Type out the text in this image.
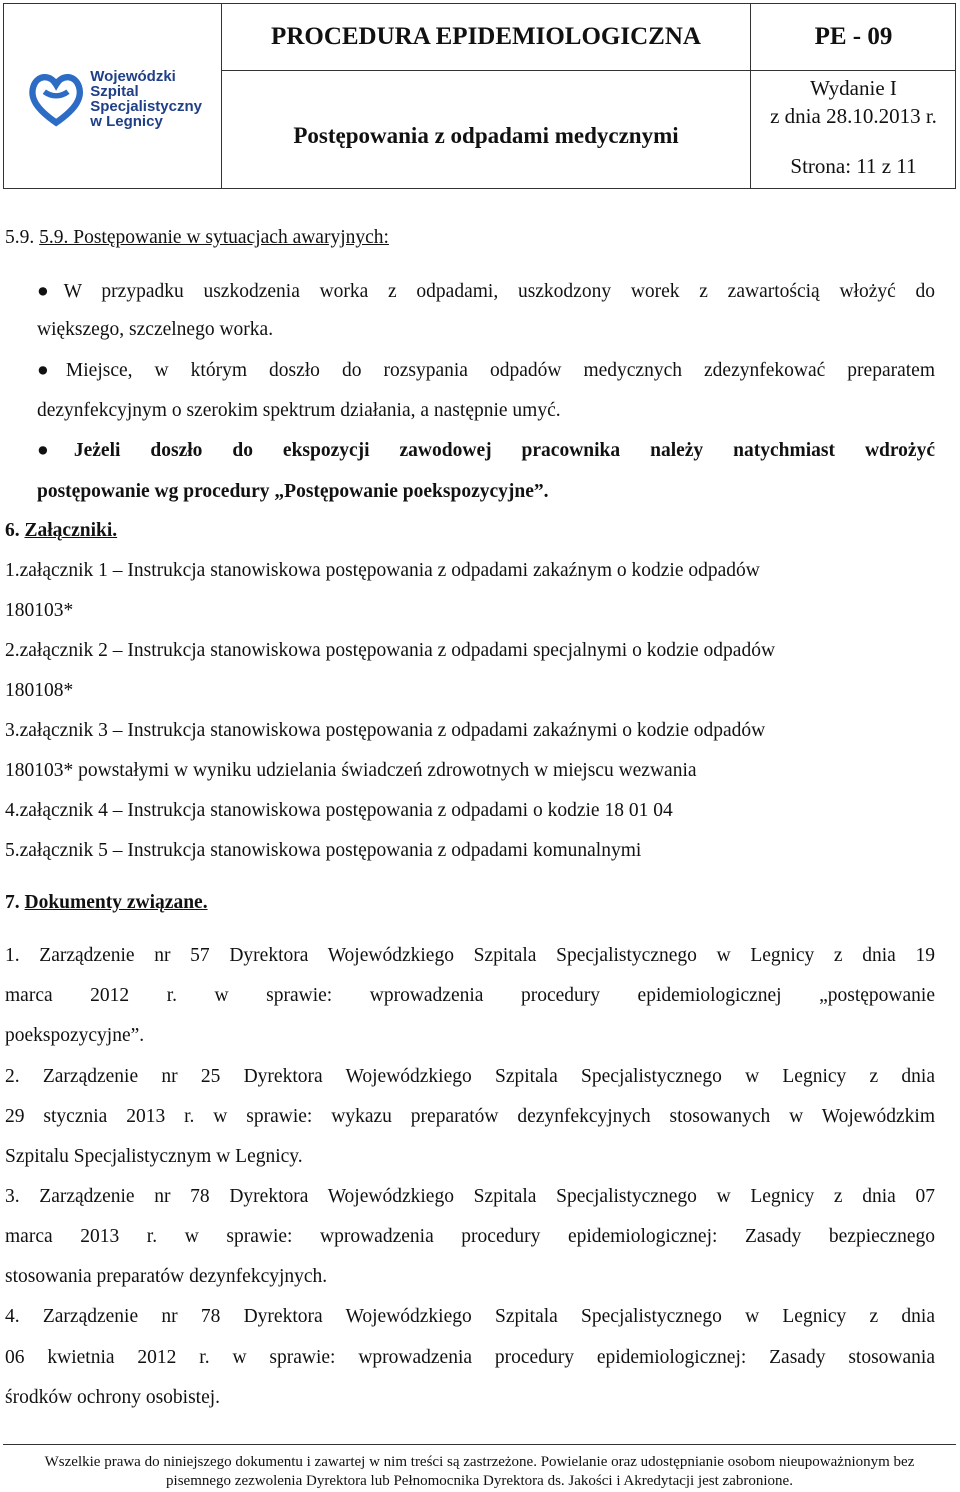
Wojewódzki
Szpital
Specjalistyczny
w Legnicy
PROCEDURA EPIDEMIOLOGICZNA	PE - 09
Postępowania z odpadami medycznymi
Wydanie I
z dnia 28.10.2013 r.
Strona: 11 z 11
5.9. 5.9. Postępowanie w sytuacjach awaryjnych:
●W przypadku uszkodzenia worka z odpadami, uszkodzony worek z zawartością włożyć do
większego, szczelnego worka.
●Miejsce, w którym doszło do rozsypania odpadów medycznych zdezynfekować preparatem
dezynfekcyjnym o szerokim spektrum działania, a następnie umyć.
●Jeżeli doszło do ekspozycji zawodowej pracownika należy natychmiast wdrożyć
postępowanie wg procedury „Postępowanie poekspozycyjne”.
6. Załączniki.
1.załącznik 1 – Instrukcja stanowiskowa postępowania z odpadami zakaźnym o kodzie odpadów
180103*
2.załącznik 2 – Instrukcja stanowiskowa postępowania z odpadami specjalnymi o kodzie odpadów
180108*
3.załącznik 3 – Instrukcja stanowiskowa postępowania z odpadami zakaźnymi o kodzie odpadów
180103* powstałymi w wyniku udzielania świadczeń zdrowotnych w miejscu wezwania
4.załącznik 4 – Instrukcja stanowiskowa postępowania z odpadami o kodzie 18 01 04
5.załącznik 5 – Instrukcja stanowiskowa postępowania z odpadami komunalnymi
7. Dokumenty związane.
1. Zarządzenie nr 57 Dyrektora Wojewódzkiego Szpitala Specjalistycznego w Legnicy z dnia 19
marca 2012 r. w sprawie: wprowadzenia procedury epidemiologicznej „postępowanie
poekspozycyjne”.
2. Zarządzenie nr 25 Dyrektora Wojewódzkiego Szpitala Specjalistycznego w Legnicy z dnia
29 stycznia 2013 r. w sprawie: wykazu preparatów dezynfekcyjnych stosowanych w Wojewódzkim
Szpitalu Specjalistycznym w Legnicy.
3. Zarządzenie nr 78 Dyrektora Wojewódzkiego Szpitala Specjalistycznego w Legnicy z dnia 07
marca 2013 r. w sprawie: wprowadzenia procedury epidemiologicznej: Zasady bezpiecznego
stosowania preparatów dezynfekcyjnych.
4. Zarządzenie nr 78 Dyrektora Wojewódzkiego Szpitala Specjalistycznego w Legnicy z dnia
06 kwietnia 2012 r. w sprawie: wprowadzenia procedury epidemiologicznej: Zasady stosowania
środków ochrony osobistej.
Wszelkie prawa do niniejszego dokumentu i zawartej w nim treści są zastrzeżone. Powielanie oraz udostępnianie osobom nieupoważnionym bez
pisemnego zezwolenia Dyrektora lub Pełnomocnika Dyrektora ds. Jakości i Akredytacji jest zabronione.
